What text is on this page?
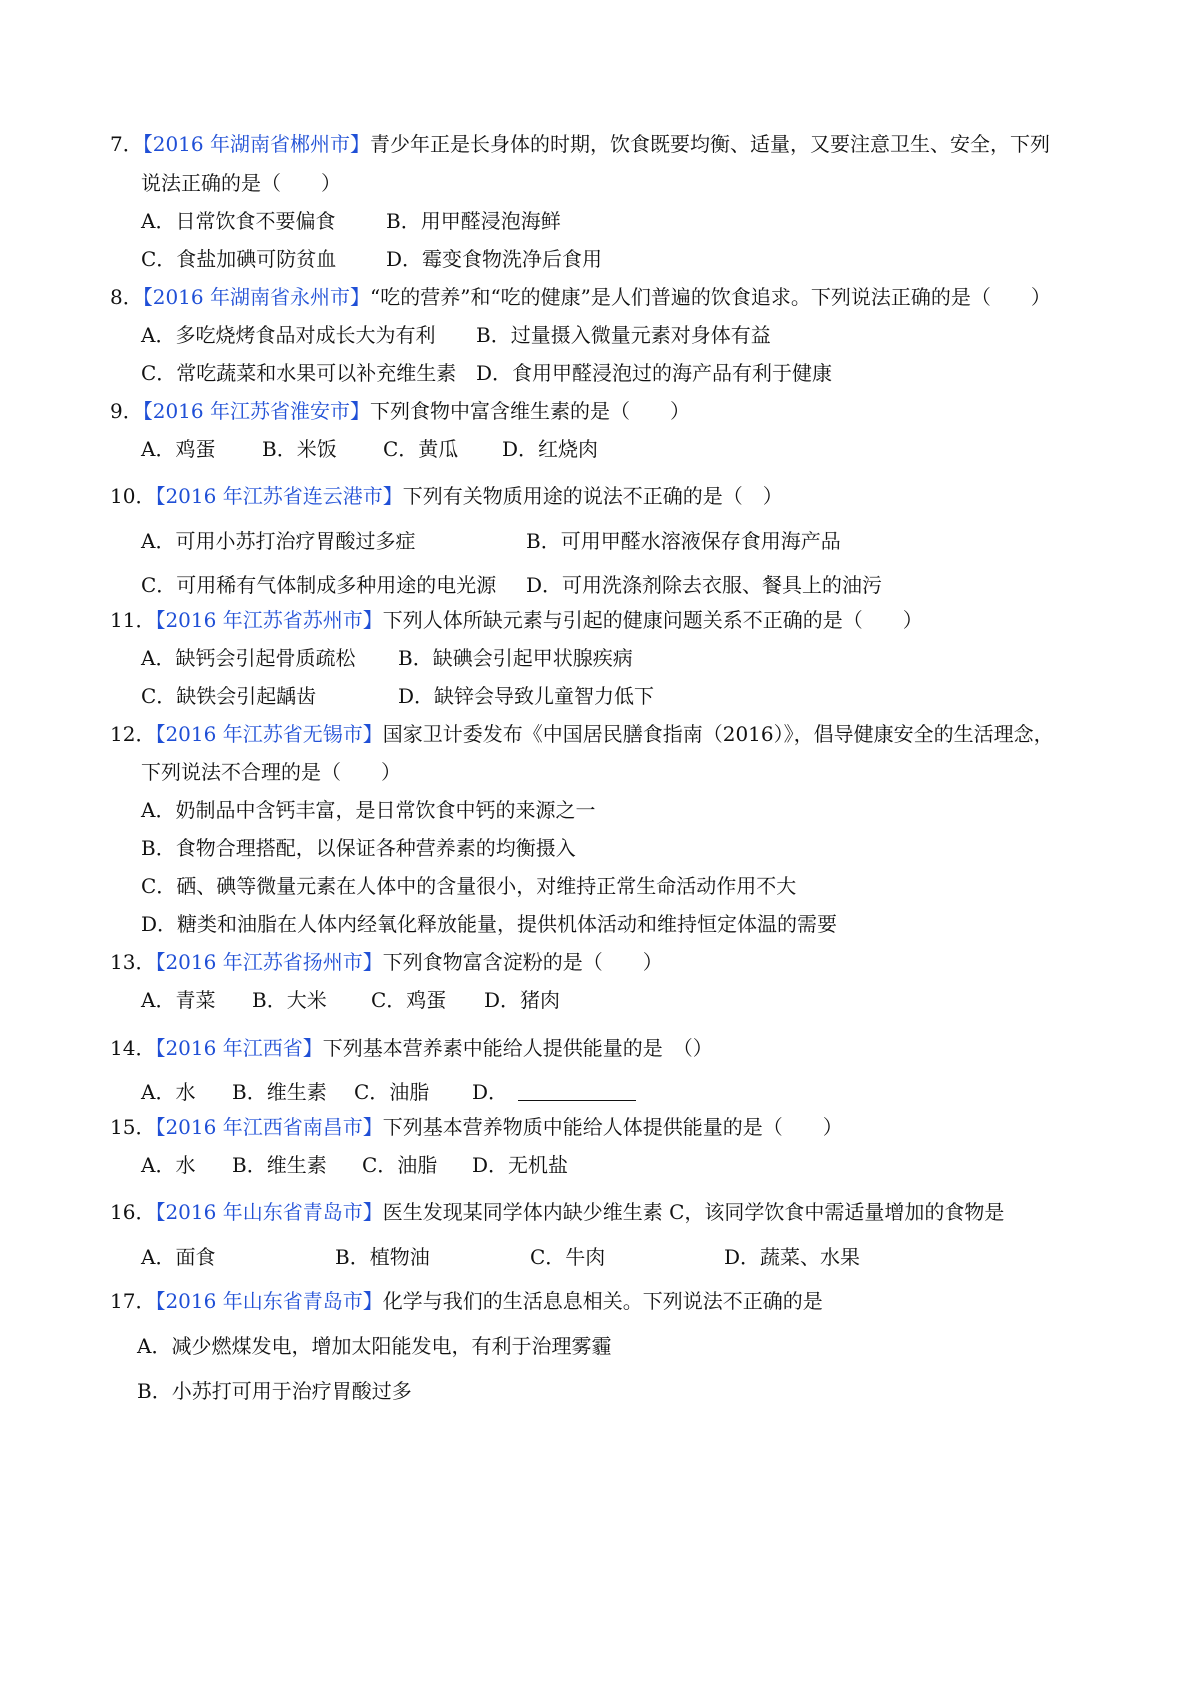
7．【2016 年湖南省郴州市】青少年正是长身体的时期，饮食既要均衡、适量，又要注意卫生、安全，下列
说法正确的是（　　）
A．日常饮食不要偏食	B．用甲醛浸泡海鲜
C．食盐加碘可防贫血 D．霉变食物洗净后食用
8．【2016 年湖南省永州市】“吃的营养”和“吃的健康”是人们普遍的饮食追求。下列说法正确的是（　　）
A．多吃烧烤食品对成长大为有利 B．过量摄入微量元素对身体有益
C．常吃蔬菜和水果可以补充维生素 D．食用甲醛浸泡过的海产品有利于健康
9．【2016 年江苏省淮安市】下列食物中富含维生素的是（　　）
A．鸡蛋 B．米饭 C．黄瓜 D．红烧肉
10．【2016 年江苏省连云港市】下列有关物质用途的说法不正确的是（　）
A．可用小苏打治疗胃酸过多症	B．可用甲醛水溶液保存食用海产品
C．可用稀有气体制成多种用途的电光源 D．可用洗涤剂除去衣服、餐具上的油污
11．【2016 年江苏省苏州市】下列人体所缺元素与引起的健康问题关系不正确的是（　　）
A．缺钙会引起骨质疏松 B．缺碘会引起甲状腺疾病
C．缺铁会引起龋齿	D．缺锌会导致儿童智力低下
12．【2016 年江苏省无锡市】国家卫计委发布《中国居民膳食指南（2016）》，倡导健康安全的生活理念，
下列说法不合理的是（　　）
A．奶制品中含钙丰富，是日常饮食中钙的来源之一
B．食物合理搭配，以保证各种营养素的均衡摄入
C．硒、碘等微量元素在人体中的含量很小，对维持正常生命活动作用不大
D．糖类和油脂在人体内经氧化释放能量，提供机体活动和维持恒定体温的需要
13．【2016 年江苏省扬州市】下列食物富含淀粉的是（　　）
A．青菜 B．大米 C．鸡蛋 D．猪肉
14．【2016 年江西省】下列基本营养素中能给人提供能量的是　（）
A．水 B．维生素 C．油脂 D．
15．【2016 年江西省南昌市】下列基本营养物质中能给人体提供能量的是（　　）
A．水 B．维生素 C．油脂 D．无机盐
16．【2016 年山东省青岛市】医生发现某同学体内缺少维生素 C，该同学饮食中需适量增加的食物是
A．面食	B．植物油	C．牛肉	D．蔬菜、水果
17．【2016 年山东省青岛市】化学与我们的生活息息相关。下列说法不正确的是
A．减少燃煤发电，增加太阳能发电，有利于治理雾霾
B．小苏打可用于治疗胃酸过多
